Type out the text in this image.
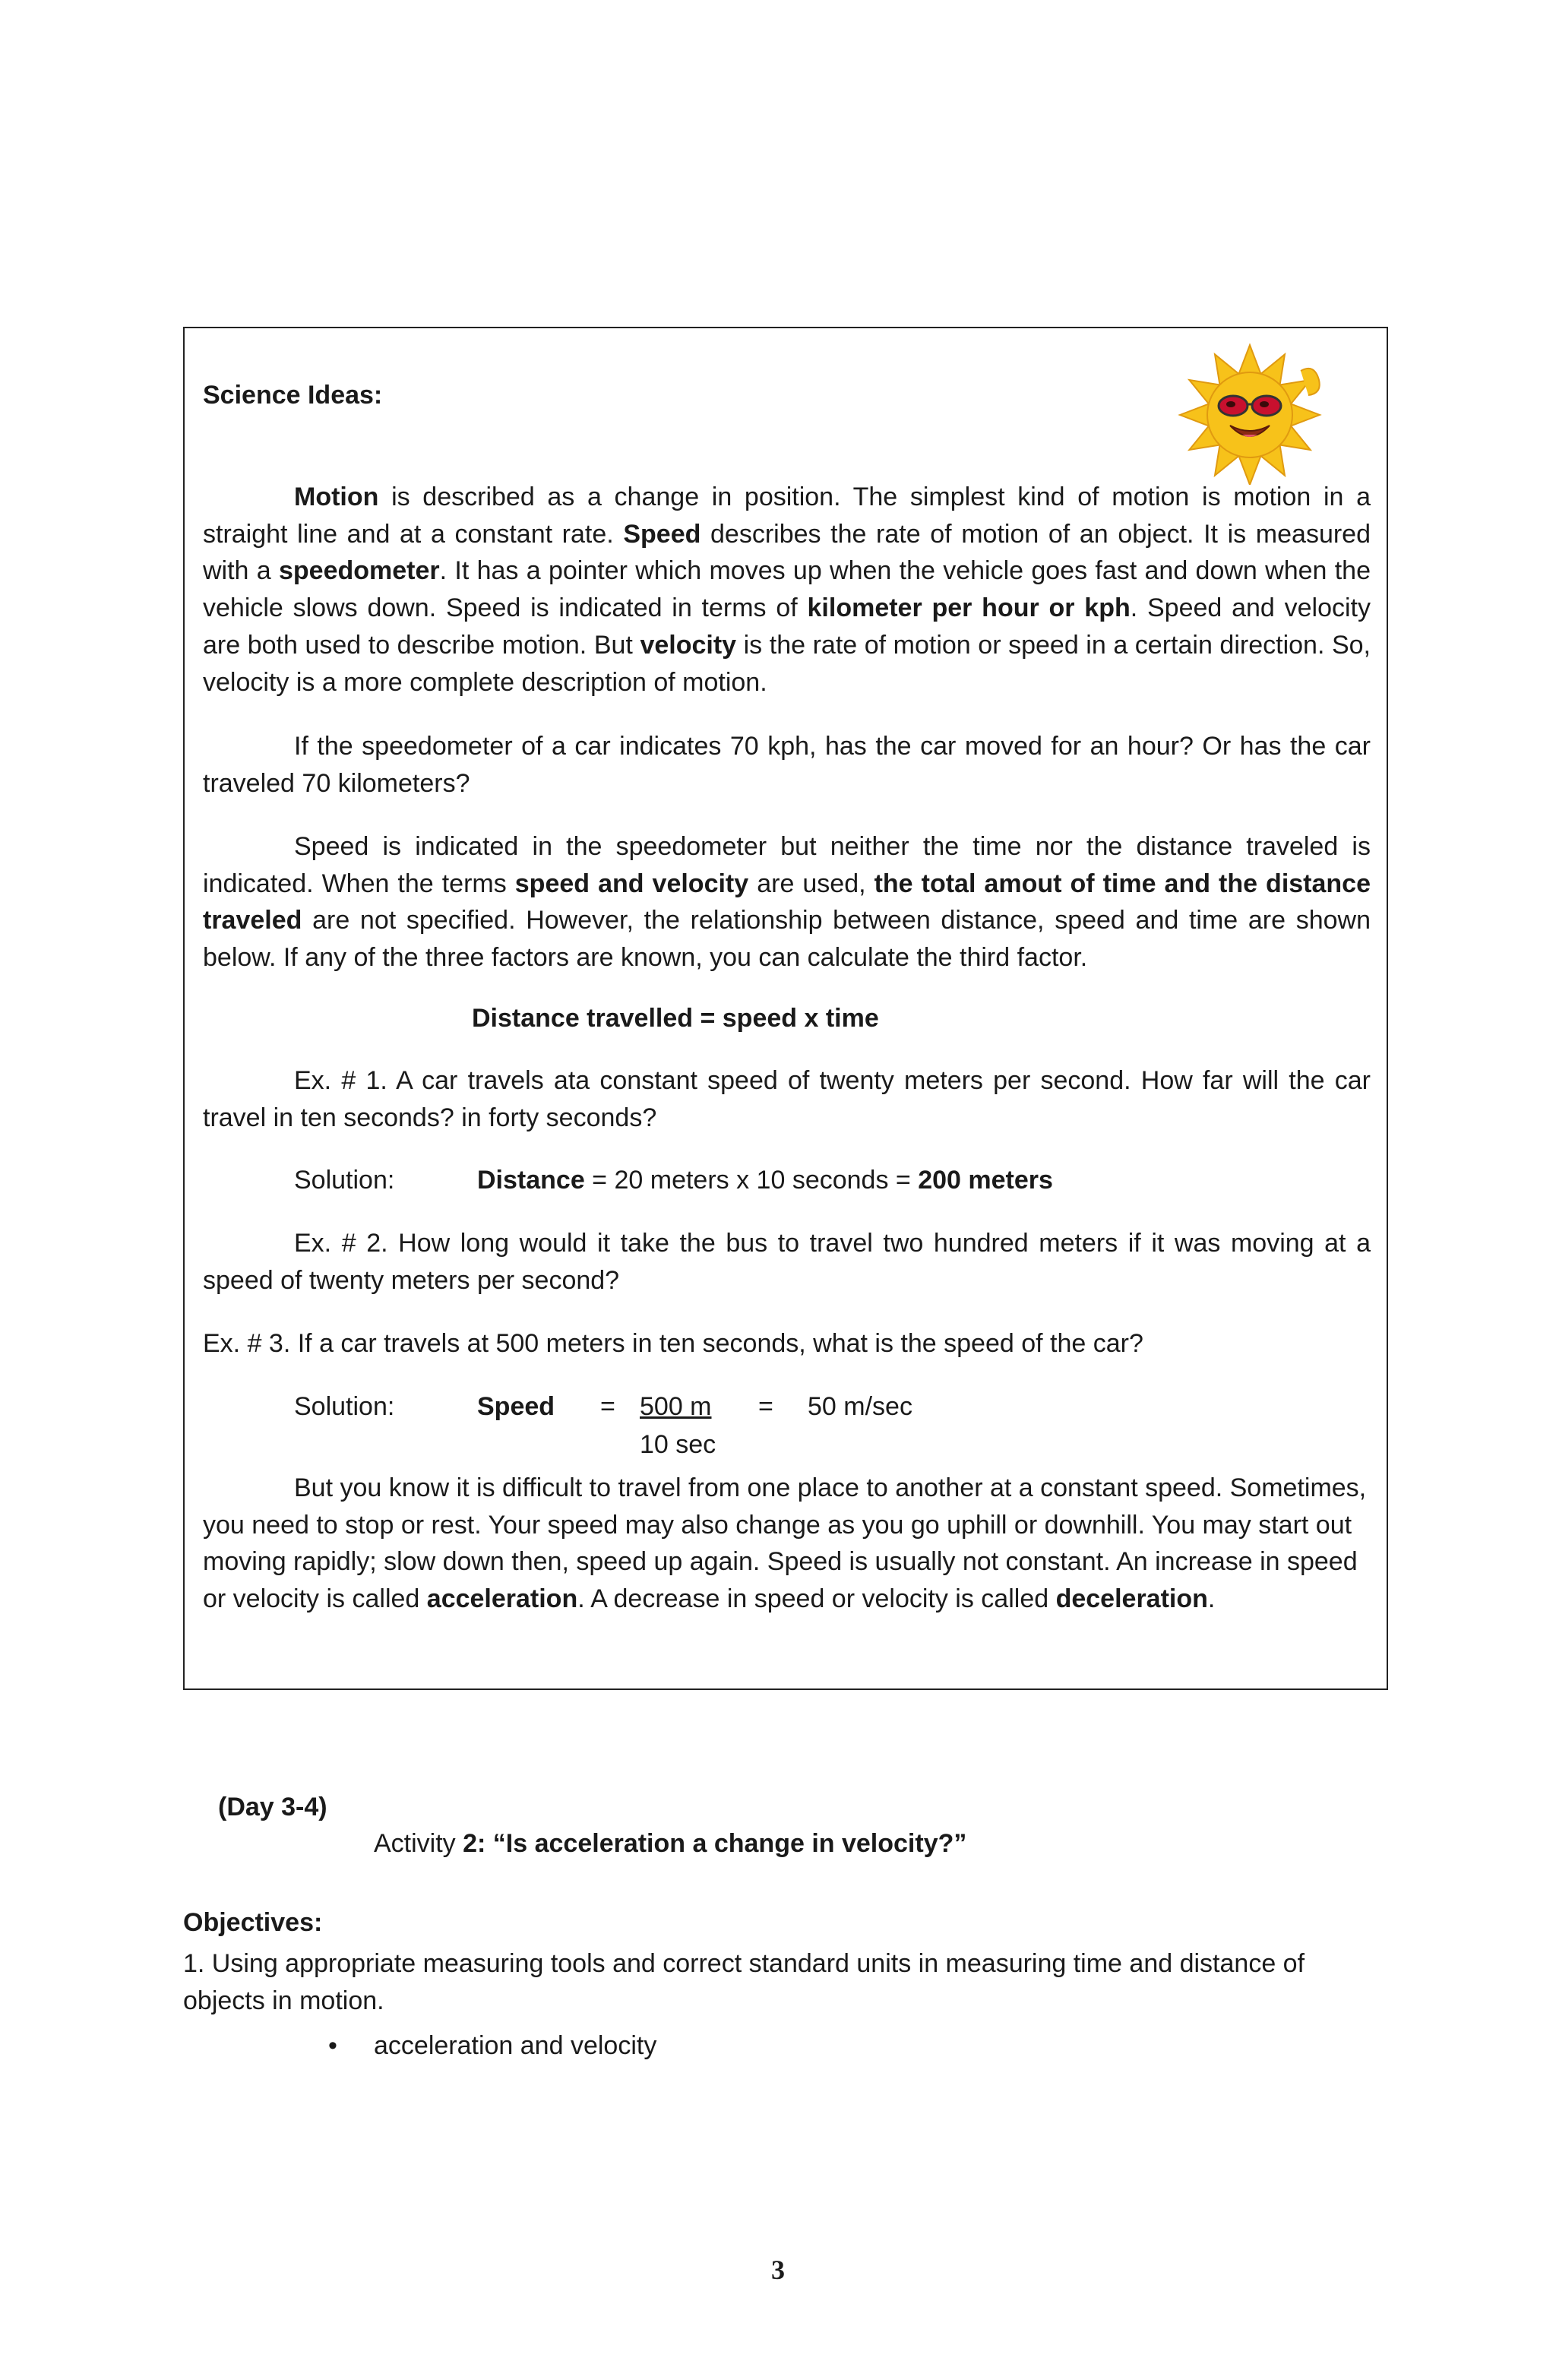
Science Ideas:
Motion is described as a change in position. The simplest kind of motion is motion in a straight line and at a constant rate. Speed describes the rate of motion of an object. It is measured with a speedometer. It has a pointer which moves up when the vehicle goes fast and down when the vehicle slows down. Speed is indicated in terms of kilometer per hour or kph. Speed and velocity are both used to describe motion. But velocity is the rate of motion or speed in a certain direction. So, velocity is a more complete description of motion.
If the speedometer of a car indicates 70 kph, has the car moved for an hour? Or has the car traveled 70 kilometers?
Speed is indicated in the speedometer but neither the time nor the distance traveled is indicated. When the terms speed and velocity are used, the total amout of time and the distance traveled are not specified. However, the relationship between distance, speed and time are shown below. If any of the three factors are known, you can calculate the third factor.
Distance travelled = speed x time
Ex. # 1. A car travels ata constant speed of twenty meters per second. How far will the car travel in ten seconds? in forty seconds?
Solution:	Distance = 20 meters x 10 seconds = 200 meters
Ex. # 2. How long would it take the bus to travel two hundred meters if it was moving at a speed of twenty meters per second?
Ex. # 3. If a car travels at 500 meters in ten seconds, what is the speed of the car?
Solution:	Speed = 500 m = 50 m/sec
10 sec
But you know it is difficult to travel from one place to another at a constant speed. Sometimes, you need to stop or rest. Your speed may also change as you go uphill or downhill. You may start out moving rapidly; slow down then, speed up again. Speed is usually not constant. An increase in speed or velocity is called acceleration. A decrease in speed or velocity is called deceleration.
(Day 3-4)
Activity 2: “Is acceleration a change in velocity?”
Objectives:
1. Using appropriate measuring tools and correct standard units in measuring time and distance of objects in motion.
• acceleration and velocity
3
